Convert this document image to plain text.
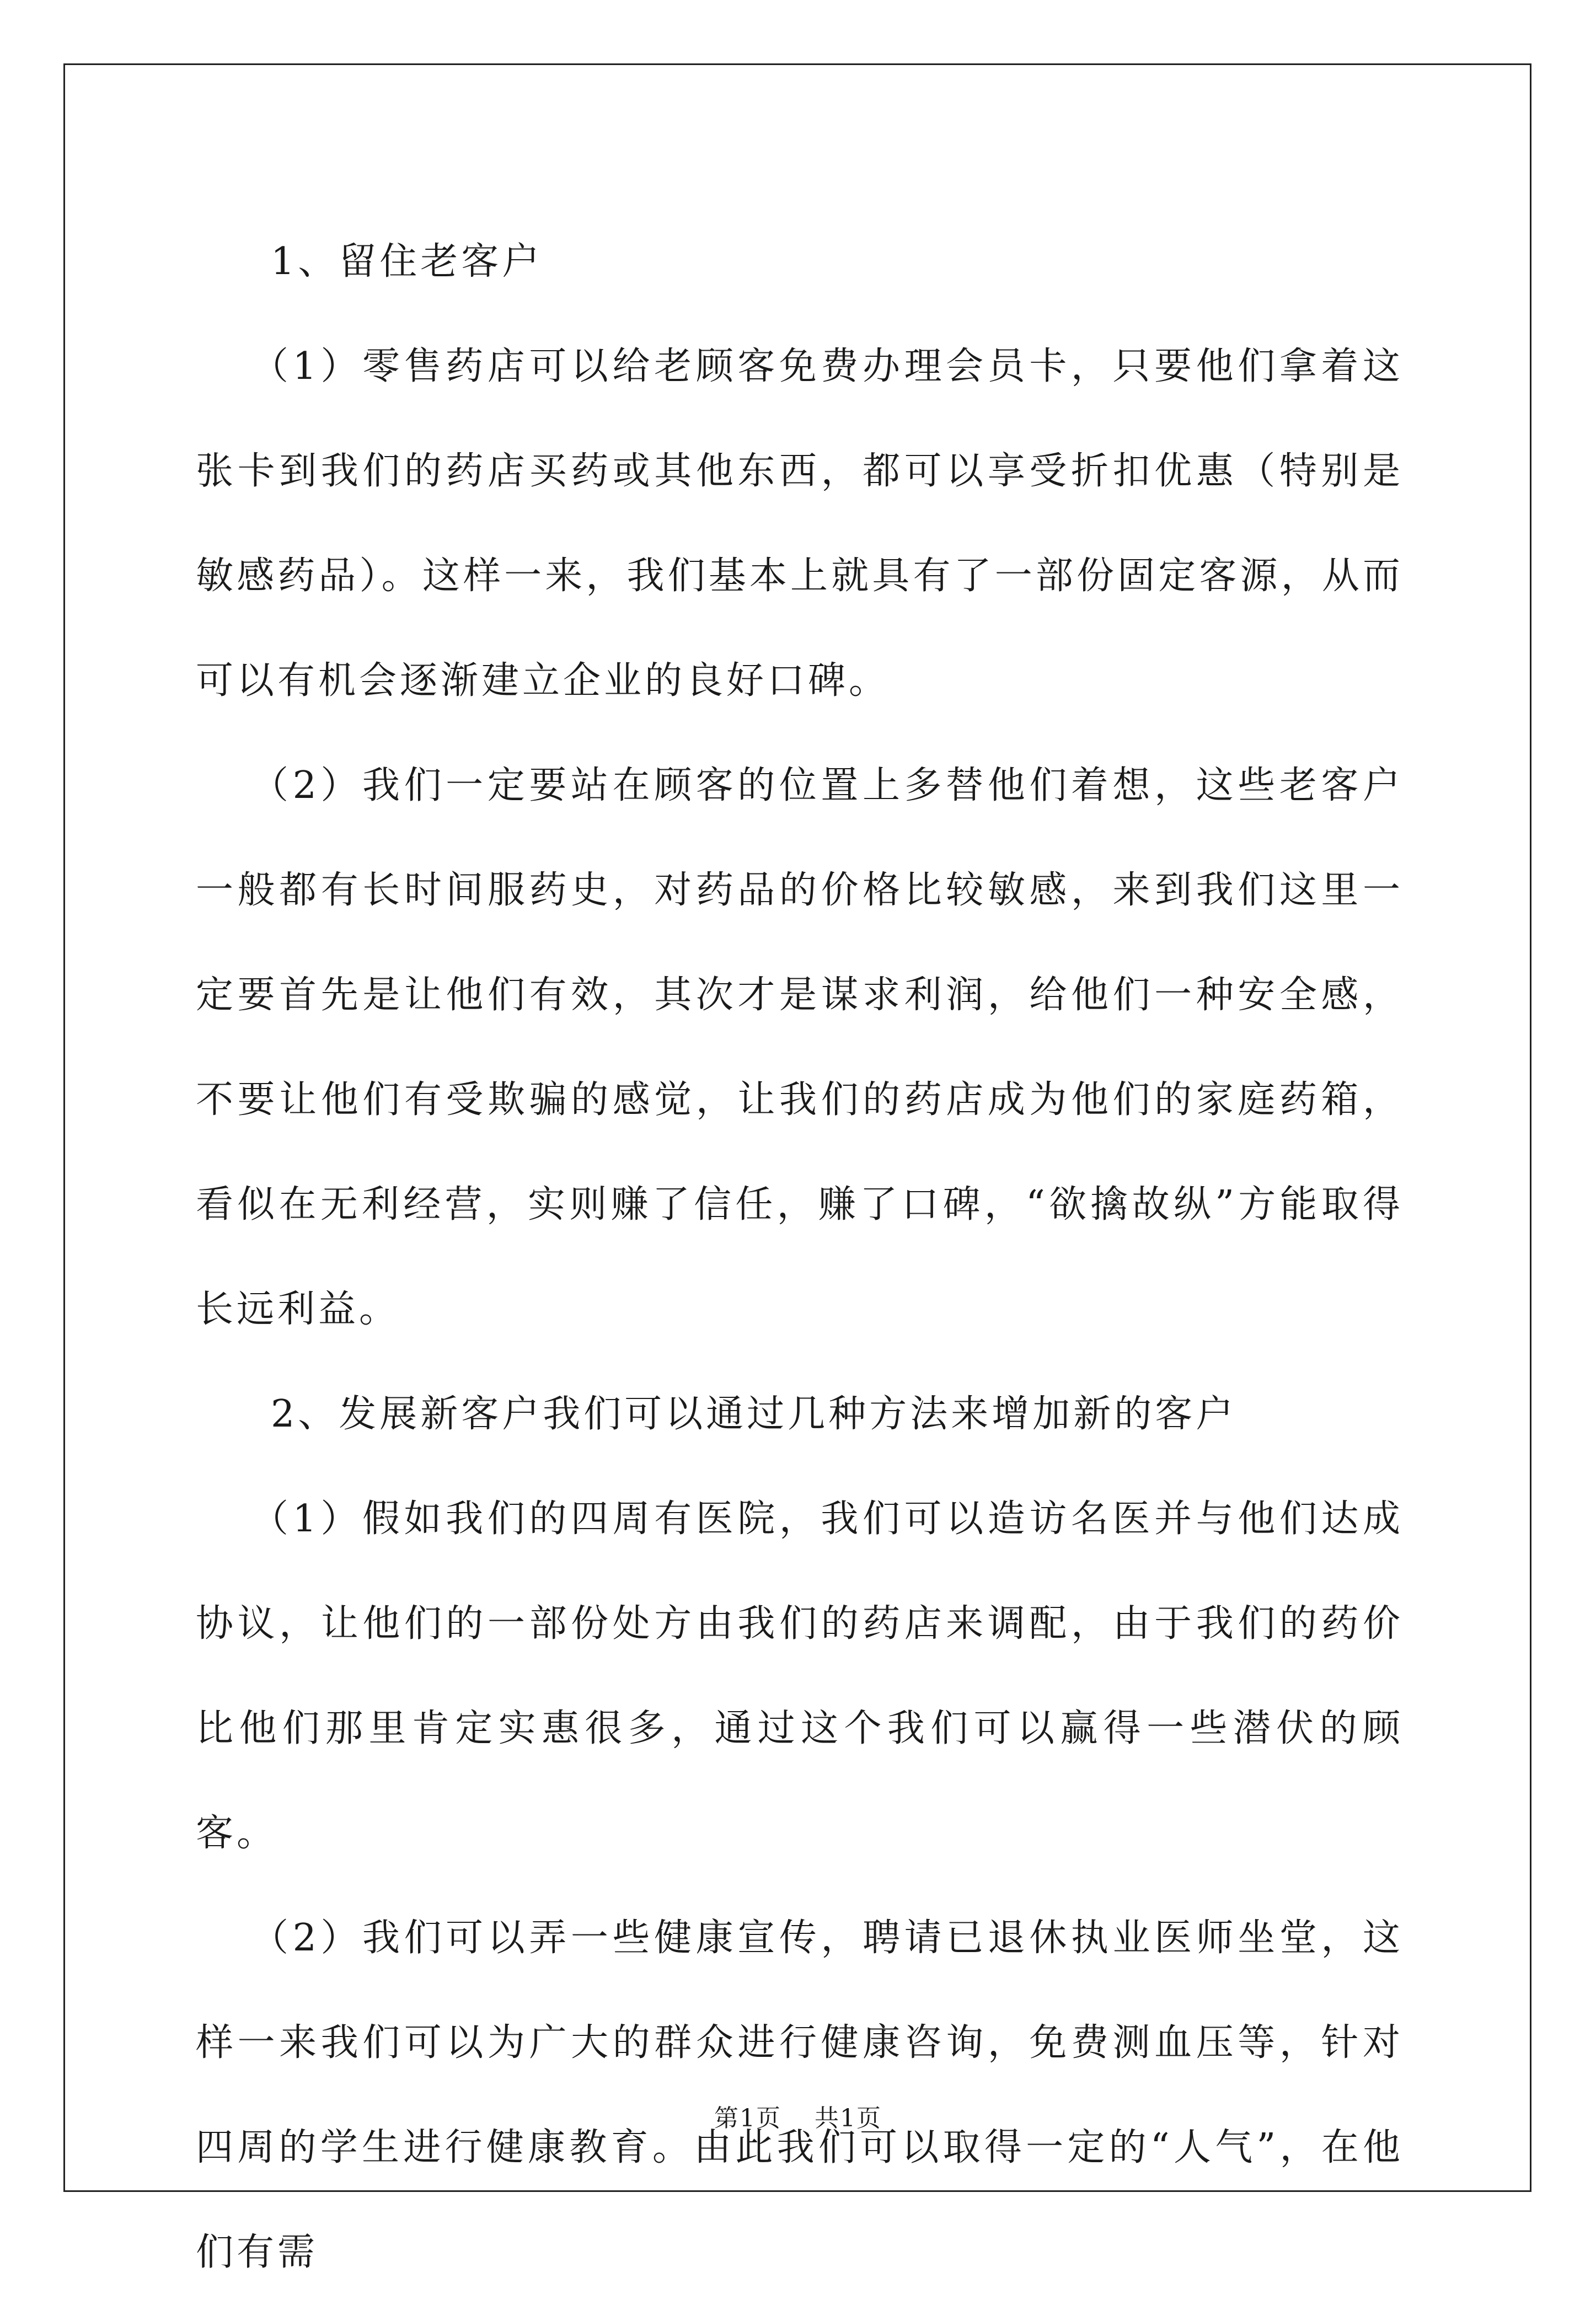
1、留住老客户

（1）零售药店可以给老顾客免费办理会员卡，只要他们拿着这张卡到我们的药店买药或其他东西，都可以享受折扣优惠（特别是敏感药品）。这样一来，我们基本上就具有了一部份固定客源，从而可以有机会逐渐建立企业的良好口碑。

（2）我们一定要站在顾客的位置上多替他们着想，这些老客户一般都有长时间服药史，对药品的价格比较敏感，来到我们这里一定要首先是让他们有效，其次才是谋求利润，给他们一种安全感，不要让他们有受欺骗的感觉，让我们的药店成为他们的家庭药箱，看似在无利经营，实则赚了信任，赚了口碑，“欲擒故纵”方能取得长远利益。

2、发展新客户我们可以通过几种方法来增加新的客户

（1）假如我们的四周有医院，我们可以造访名医并与他们达成协议，让他们的一部份处方由我们的药店来调配，由于我们的药价比他们那里肯定实惠很多，通过这个我们可以赢得一些潜伏的顾客。

（2）我们可以弄一些健康宣传，聘请已退休执业医师坐堂，这样一来我们可以为广大的群众进行健康咨询，免费测血压等，针对四周的学生进行健康教育。由此我们可以取得一定的“人气”，在他们有需

第1页 共1页
